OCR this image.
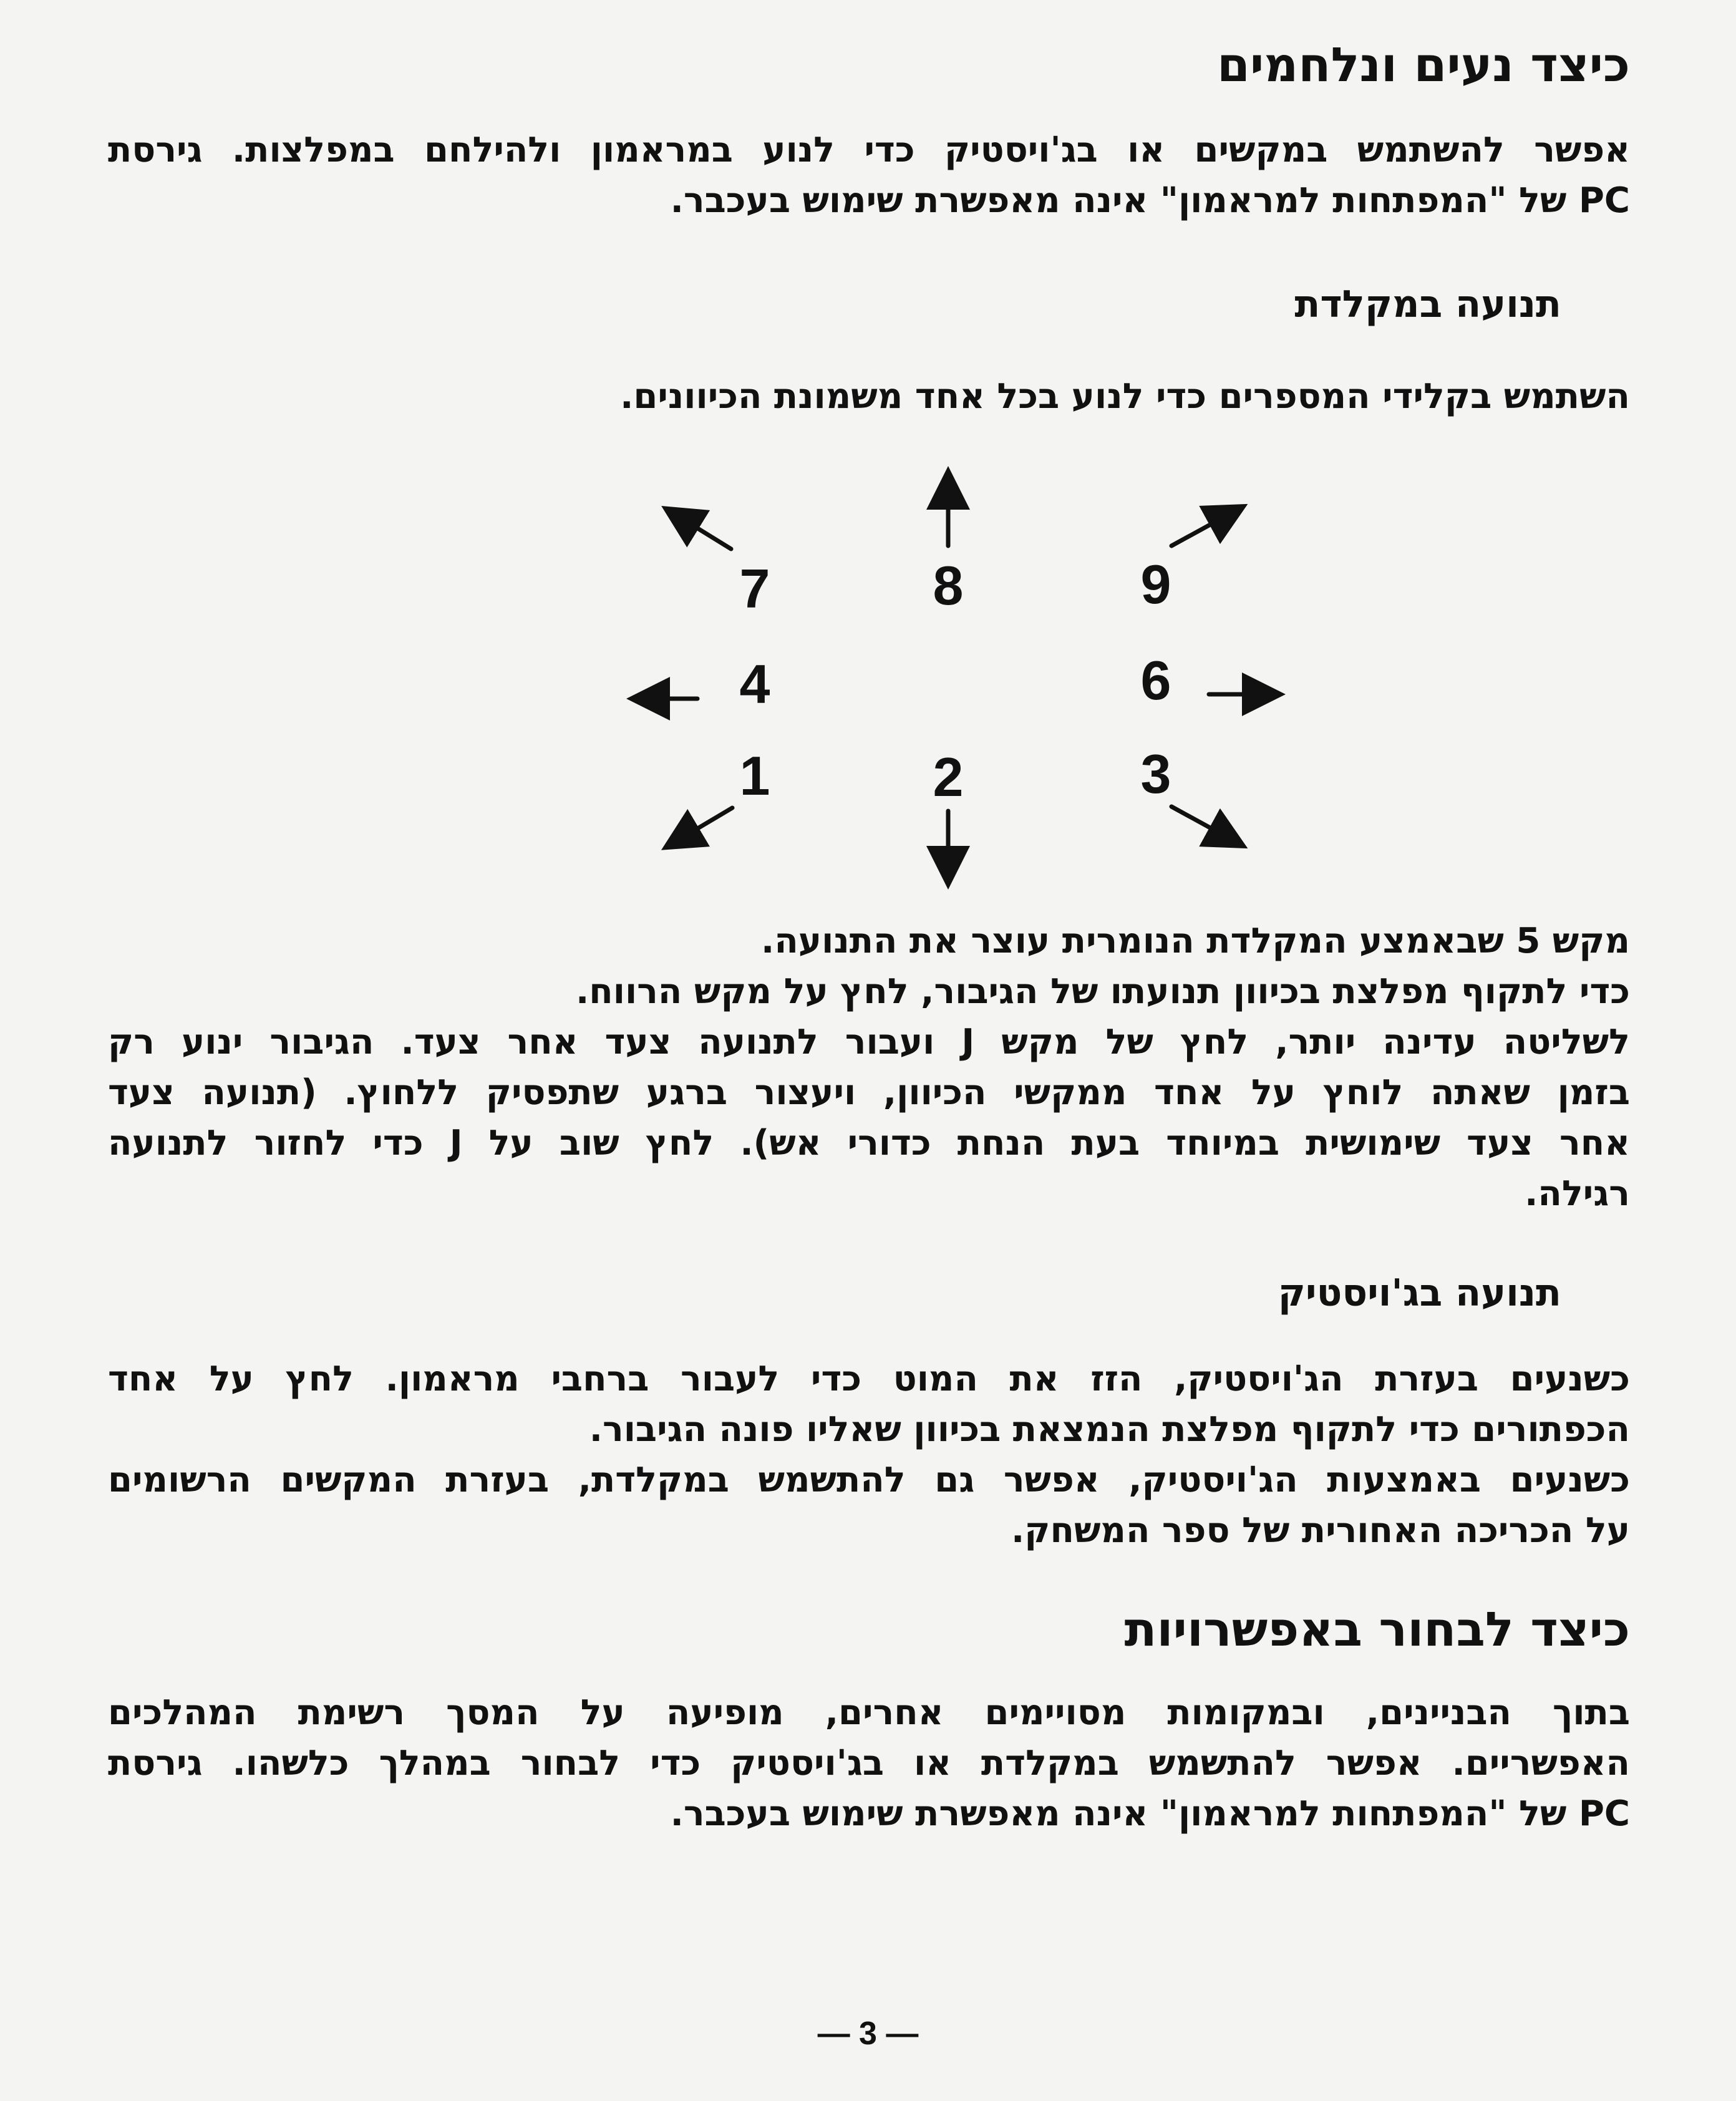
כיצד נעים ונלחמים
אפשר להשתמש במקשים או בג'ויסטיק כדי לנוע במראמון ולהילחם במפלצות. גירסת
PC של "המפתחות למראמון" אינה מאפשרת שימוש בעכבר.
תנועה במקלדת
השתמש בקלידי המספרים כדי לנוע בכל אחד משמונת הכיוונים.
7	8	9
4	6
1	2	3
מקש 5 שבאמצע המקלדת הנומרית עוצר את התנועה.
כדי לתקוף מפלצת בכיוון תנועתו של הגיבור, לחץ על מקש הרווח.
לשליטה עדינה יותר, לחץ של מקש J ועבור לתנועה צעד אחר צעד. הגיבור ינוע רק
בזמן שאתה לוחץ על אחד ממקשי הכיוון, ויעצור ברגע שתפסיק ללחוץ. (תנועה צעד
אחר צעד שימושית במיוחד בעת הנחת כדורי אש). לחץ שוב על J כדי לחזור לתנועה
רגילה.
תנועה בג'ויסטיק
כשנעים בעזרת הג'ויסטיק, הזז את המוט כדי לעבור ברחבי מראמון. לחץ על אחד
הכפתורים כדי לתקוף מפלצת הנמצאת בכיוון שאליו פונה הגיבור.
כשנעים באמצעות הג'ויסטיק, אפשר גם להתשמש במקלדת, בעזרת המקשים הרשומים
על הכריכה האחורית של ספר המשחק.
כיצד לבחור באפשרויות
בתוך הבניינים, ובמקומות מסויימים אחרים, מופיעה על המסך רשימת המהלכים
האפשריים. אפשר להתשמש במקלדת או בג'ויסטיק כדי לבחור במהלך כלשהו. גירסת
PC של "המפתחות למראמון" אינה מאפשרת שימוש בעכבר.
— 3 —
